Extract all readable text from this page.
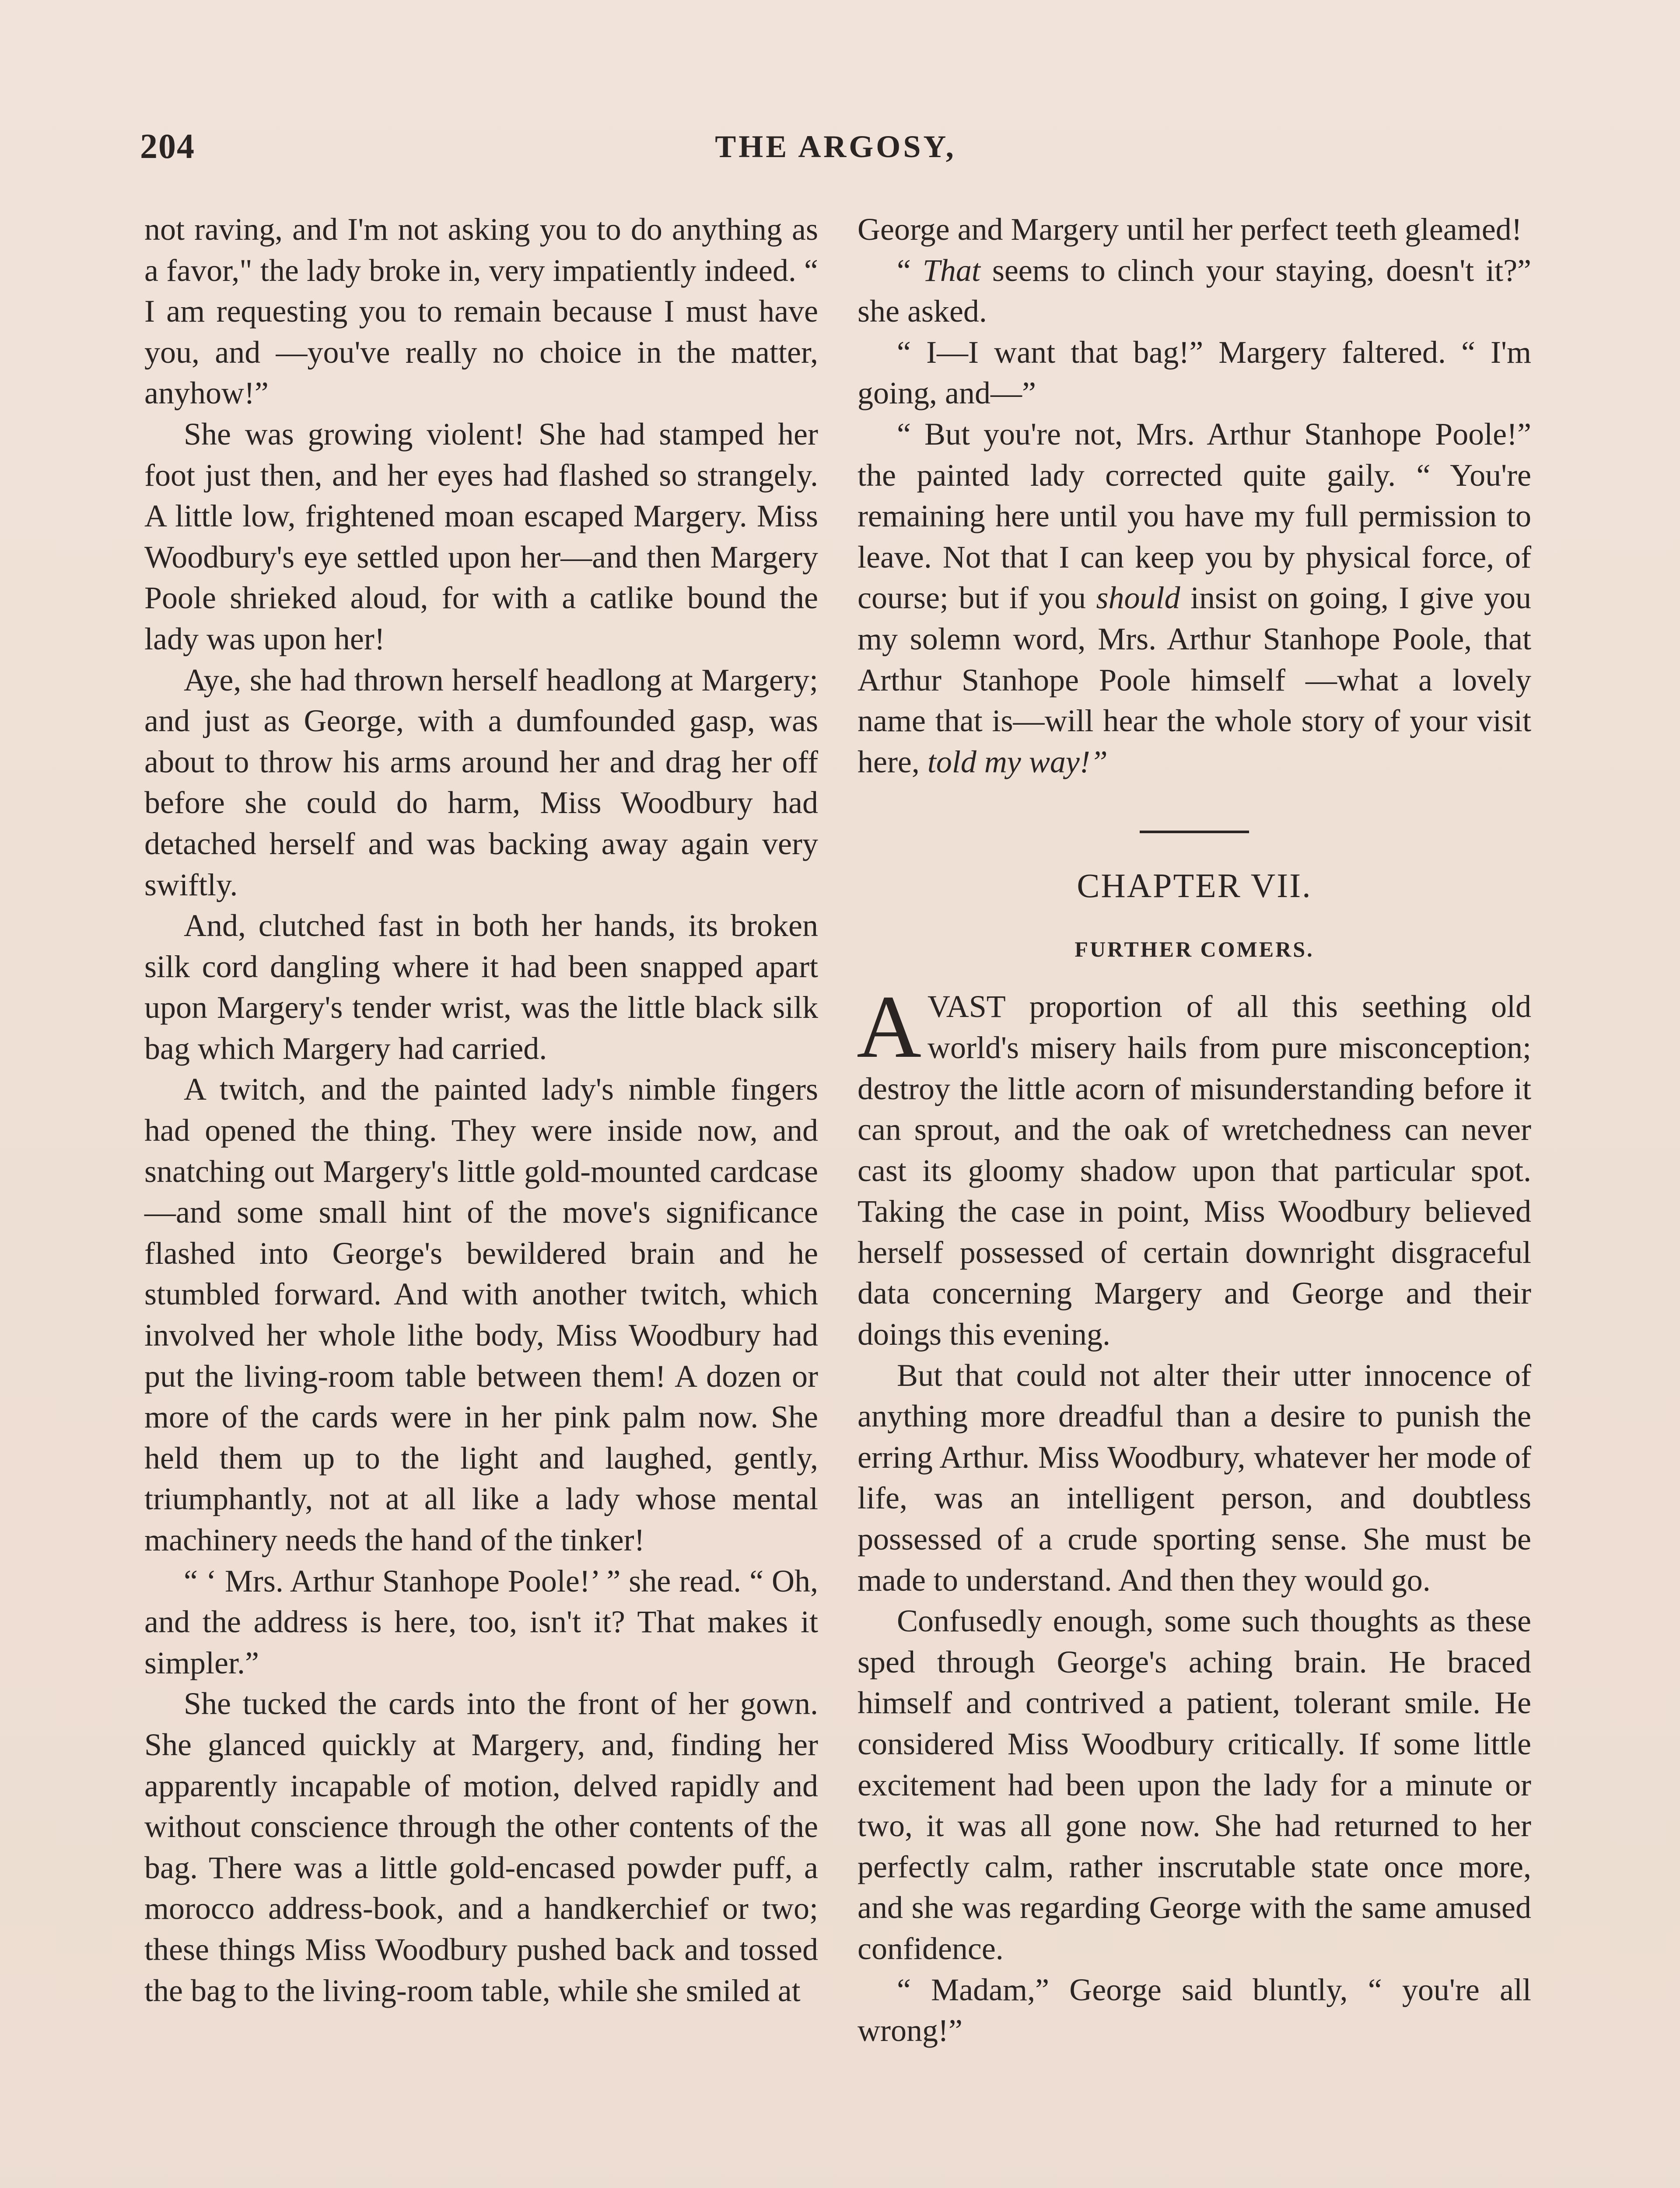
204	THE ARGOSY,

not raving, and I'm not asking you to do anything as a favor," the lady broke in, very impatiently indeed. “ I am requesting you to remain because I must have you, and —you've really no choice in the matter, anyhow!”

She was growing violent! She had stamped her foot just then, and her eyes had flashed so strangely. A little low, frightened moan escaped Margery. Miss Woodbury's eye settled upon her—and then Margery Poole shrieked aloud, for with a catlike bound the lady was upon her!

Aye, she had thrown herself headlong at Margery; and just as George, with a dumfounded gasp, was about to throw his arms around her and drag her off before she could do harm, Miss Woodbury had detached herself and was backing away again very swiftly.

And, clutched fast in both her hands, its broken silk cord dangling where it had been snapped apart upon Margery's tender wrist, was the little black silk bag which Margery had carried.

A twitch, and the painted lady's nimble fingers had opened the thing. They were inside now, and snatching out Margery's little gold-mounted cardcase—and some small hint of the move's significance flashed into George's bewildered brain and he stumbled forward. And with another twitch, which involved her whole lithe body, Miss Woodbury had put the living-room table between them! A dozen or more of the cards were in her pink palm now. She held them up to the light and laughed, gently, triumphantly, not at all like a lady whose mental machinery needs the hand of the tinker!

“ ‘ Mrs. Arthur Stanhope Poole!’ ” she read. “ Oh, and the address is here, too, isn't it? That makes it simpler.”

She tucked the cards into the front of her gown. She glanced quickly at Margery, and, finding her apparently incapable of motion, delved rapidly and without conscience through the other contents of the bag. There was a little gold-encased powder puff, a morocco address-book, and a handkerchief or two; these things Miss Woodbury pushed back and tossed the bag to the living-room table, while she smiled at

George and Margery until her perfect teeth gleamed!

“ That seems to clinch your staying, doesn't it?” she asked.

“ I—I want that bag!” Margery faltered. “ I'm going, and—”

“ But you're not, Mrs. Arthur Stanhope Poole!” the painted lady corrected quite gaily. “ You're remaining here until you have my full permission to leave. Not that I can keep you by physical force, of course; but if you should insist on going, I give you my solemn word, Mrs. Arthur Stanhope Poole, that Arthur Stanhope Poole himself —what a lovely name that is—will hear the whole story of your visit here, told my way!”

CHAPTER VII.
FURTHER COMERS.

AVAST proportion of all this seething old world's misery hails from pure misconception; destroy the little acorn of misunderstanding before it can sprout, and the oak of wretchedness can never cast its gloomy shadow upon that particular spot. Taking the case in point, Miss Woodbury believed herself possessed of certain downright disgraceful data concerning Margery and George and their doings this evening.

But that could not alter their utter innocence of anything more dreadful than a desire to punish the erring Arthur. Miss Woodbury, whatever her mode of life, was an intelligent person, and doubtless possessed of a crude sporting sense. She must be made to understand. And then they would go.

Confusedly enough, some such thoughts as these sped through George's aching brain. He braced himself and contrived a patient, tolerant smile. He considered Miss Woodbury critically. If some little excitement had been upon the lady for a minute or two, it was all gone now. She had returned to her perfectly calm, rather inscrutable state once more, and she was regarding George with the same amused confidence.

“ Madam,” George said bluntly, “ you're all wrong!”
